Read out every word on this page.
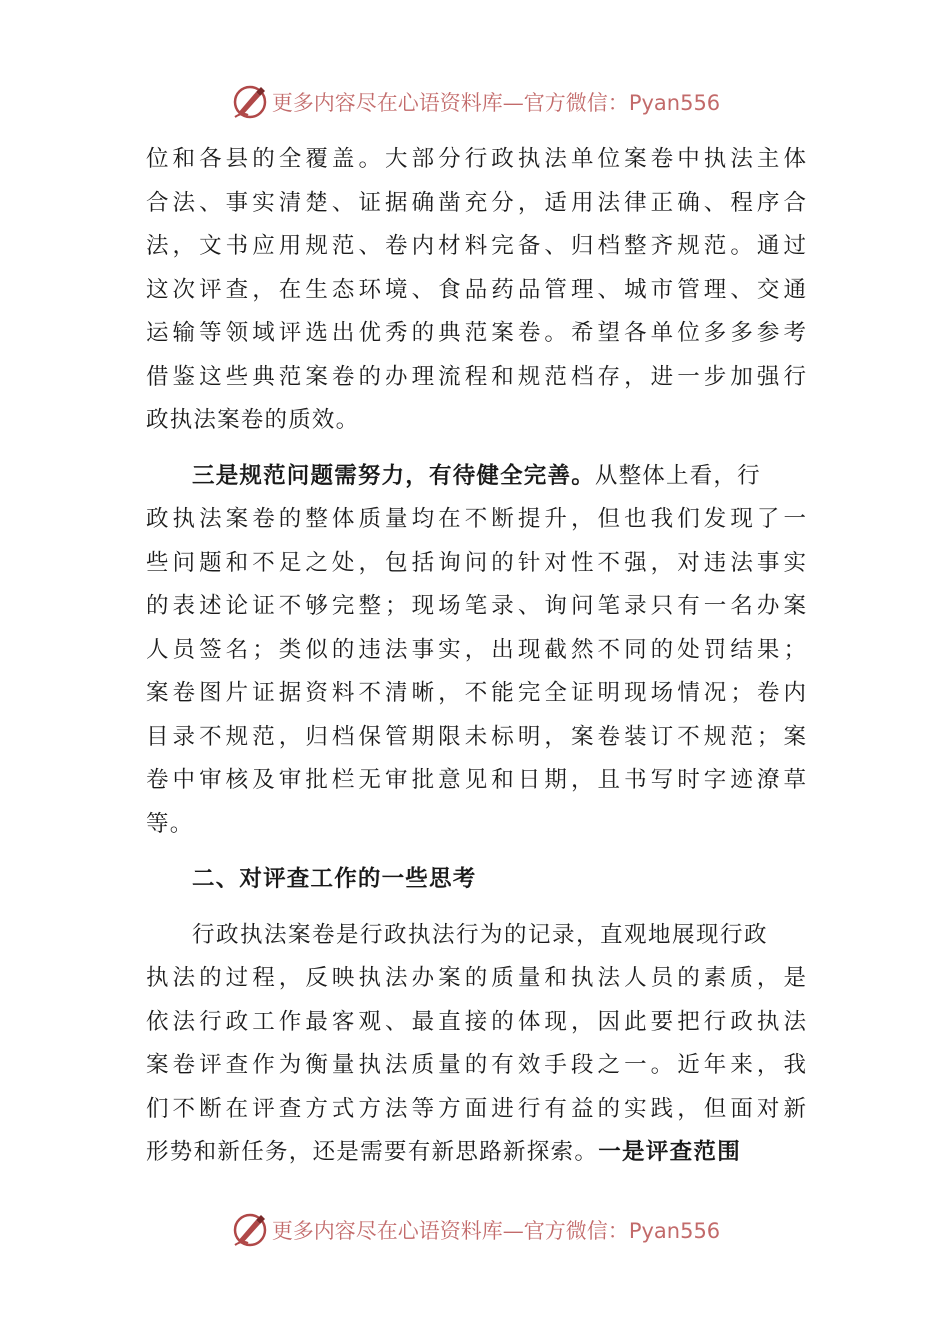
更多内容尽在心语资料库—官方微信：Pyan556
位和各县的全覆盖。大部分行政执法单位案卷中执法主体
合法、事实清楚、证据确凿充分，适用法律正确、程序合
法，文书应用规范、卷内材料完备、归档整齐规范。通过
这次评查，在生态环境、食品药品管理、城市管理、交通
运输等领域评选出优秀的典范案卷。希望各单位多多参考
借鉴这些典范案卷的办理流程和规范档存，进一步加强行
政执法案卷的质效。
三是规范问题需努力，有待健全完善。从整体上看，行
政执法案卷的整体质量均在不断提升，但也我们发现了一
些问题和不足之处，包括询问的针对性不强，对违法事实
的表述论证不够完整；现场笔录、询问笔录只有一名办案
人员签名；类似的违法事实，出现截然不同的处罚结果；
案卷图片证据资料不清晰，不能完全证明现场情况；卷内
目录不规范，归档保管期限未标明，案卷装订不规范；案
卷中审核及审批栏无审批意见和日期，且书写时字迹潦草
等。
二、对评查工作的一些思考
行政执法案卷是行政执法行为的记录，直观地展现行政
执法的过程，反映执法办案的质量和执法人员的素质，是
依法行政工作最客观、最直接的体现，因此要把行政执法
案卷评查作为衡量执法质量的有效手段之一。近年来，我
们不断在评查方式方法等方面进行有益的实践，但面对新
形势和新任务，还是需要有新思路新探索。一是评查范围
更多内容尽在心语资料库—官方微信：Pyan556
